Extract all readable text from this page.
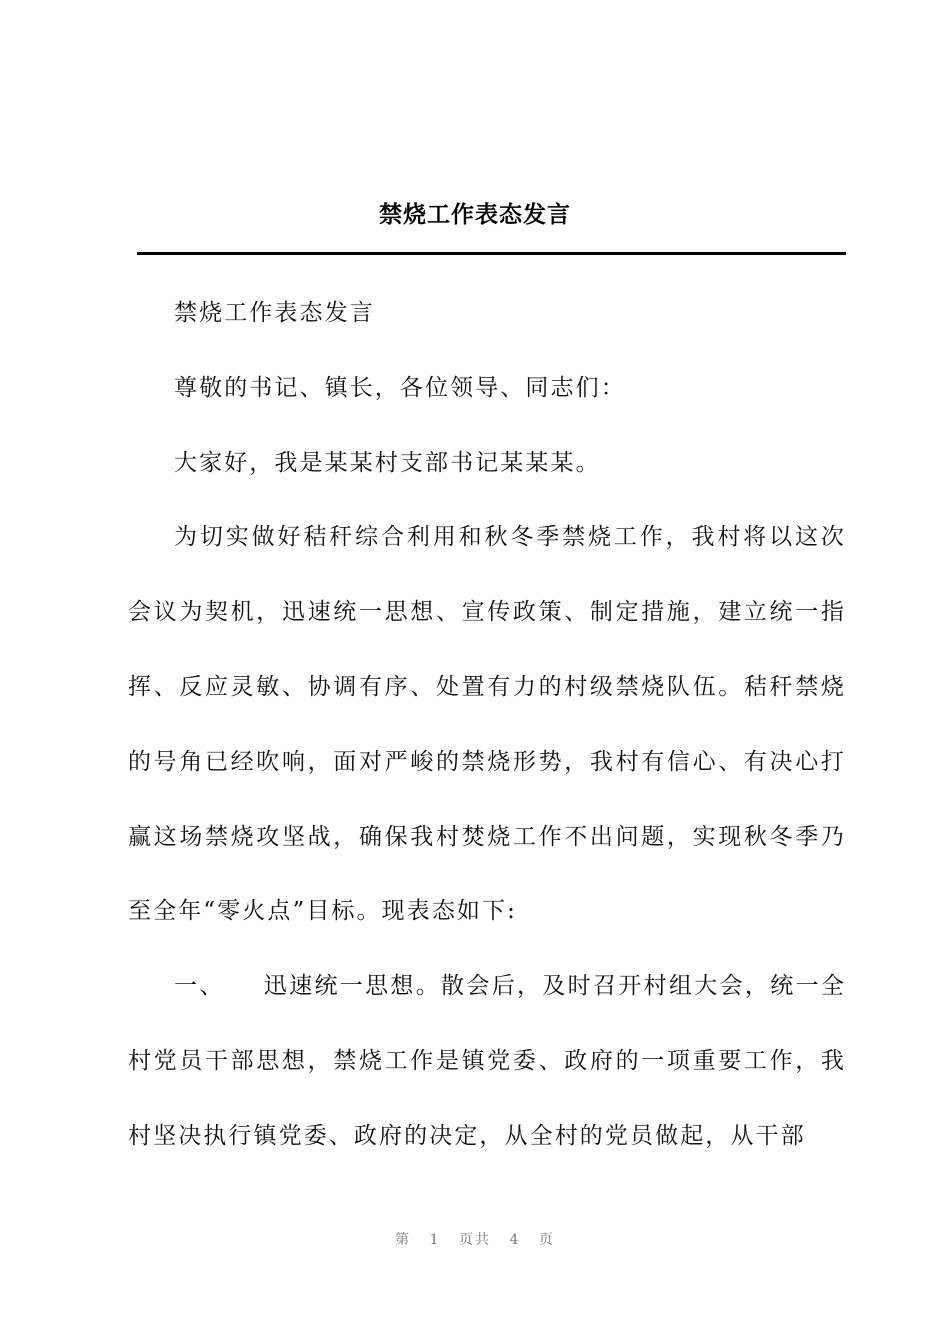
禁烧工作表态发言

禁烧工作表态发言

尊敬的书记、镇长，各位领导、同志们：

大家好，我是某某村支部书记某某某。

为切实做好秸秆综合利用和秋冬季禁烧工作，我村将以这次会议为契机，迅速统一思想、宣传政策、制定措施，建立统一指挥、反应灵敏、协调有序、处置有力的村级禁烧队伍。秸秆禁烧的号角已经吹响，面对严峻的禁烧形势，我村有信心、有决心打赢这场禁烧攻坚战，确保我村焚烧工作不出问题，实现秋冬季乃至全年“零火点”目标。现表态如下:

一、　　迅速统一思想。散会后，及时召开村组大会，统一全村党员干部思想，禁烧工作是镇党委、政府的一项重要工作，我村坚决执行镇党委、政府的决定，从全村的党员做起，从干部

第 1 页共 4 页
